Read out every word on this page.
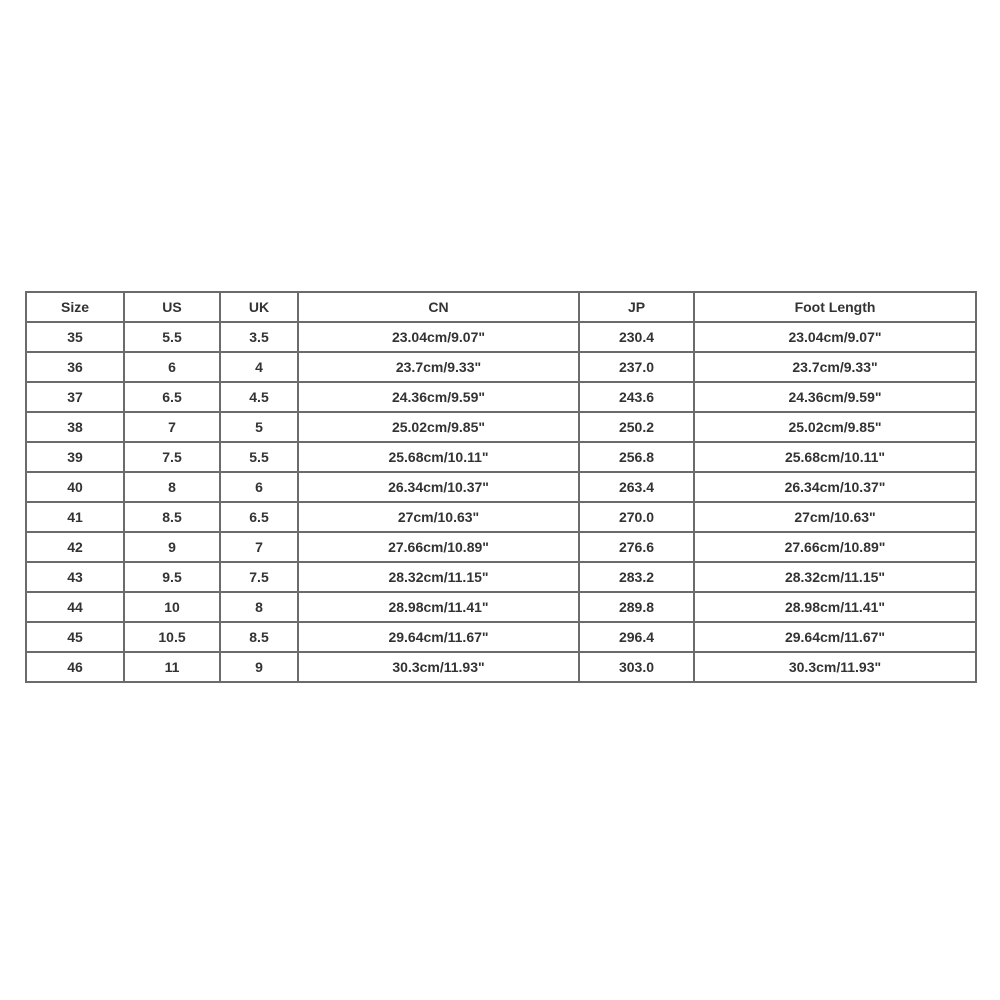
Size	US	UK	CN	JP	Foot Length
35	5.5	3.5	23.04cm/9.07"	230.4	23.04cm/9.07"
36	6	4	23.7cm/9.33"	237.0	23.7cm/9.33"
37	6.5	4.5	24.36cm/9.59"	243.6	24.36cm/9.59"
38	7	5	25.02cm/9.85"	250.2	25.02cm/9.85"
39	7.5	5.5	25.68cm/10.11"	256.8	25.68cm/10.11"
40	8	6	26.34cm/10.37"	263.4	26.34cm/10.37"
41	8.5	6.5	27cm/10.63"	270.0	27cm/10.63"
42	9	7	27.66cm/10.89"	276.6	27.66cm/10.89"
43	9.5	7.5	28.32cm/11.15"	283.2	28.32cm/11.15"
44	10	8	28.98cm/11.41"	289.8	28.98cm/11.41"
45	10.5	8.5	29.64cm/11.67"	296.4	29.64cm/11.67"
46	11	9	30.3cm/11.93"	303.0	30.3cm/11.93"
